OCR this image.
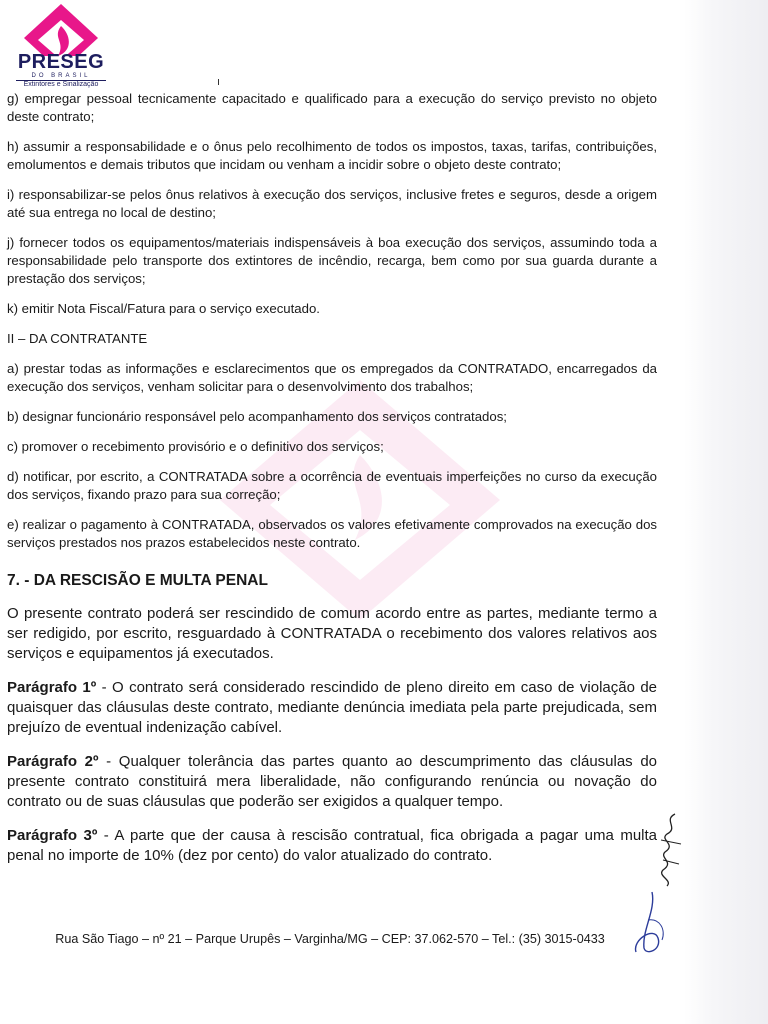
PRESEG
DO BRASIL
Extintores e Sinalização

g) empregar pessoal tecnicamente capacitado e qualificado para a execução do serviço previsto no objeto deste contrato;

h) assumir a responsabilidade e o ônus pelo recolhimento de todos os impostos, taxas, tarifas, contribuições, emolumentos e demais tributos que incidam ou venham a incidir sobre o objeto deste contrato;

i) responsabilizar-se pelos ônus relativos à execução dos serviços, inclusive fretes e seguros, desde a origem até sua entrega no local de destino;

j) fornecer todos os equipamentos/materiais indispensáveis à boa execução dos serviços, assumindo toda a responsabilidade pelo transporte dos extintores de incêndio, recarga, bem como por sua guarda durante a prestação dos serviços;

k) emitir Nota Fiscal/Fatura para o serviço executado.

II – DA CONTRATANTE

a) prestar todas as informações e esclarecimentos que os empregados da CONTRATADO, encarregados da execução dos serviços, venham solicitar para o desenvolvimento dos trabalhos;

b) designar funcionário responsável pelo acompanhamento dos serviços contratados;

c) promover o recebimento provisório e o definitivo dos serviços;

d) notificar, por escrito, a CONTRATADA sobre a ocorrência de eventuais imperfeições no curso da execução dos serviços, fixando prazo para sua correção;

e) realizar o pagamento à CONTRATADA, observados os valores efetivamente comprovados na execução dos serviços prestados nos prazos estabelecidos neste contrato.

7. - DA RESCISÃO E MULTA PENAL

O presente contrato poderá ser rescindido de comum acordo entre as partes, mediante termo a ser redigido, por escrito, resguardado à CONTRATADA o recebimento dos valores relativos aos serviços e equipamentos já executados.

Parágrafo 1º - O contrato será considerado rescindido de pleno direito em caso de violação de quaisquer das cláusulas deste contrato, mediante denúncia imediata pela parte prejudicada, sem prejuízo de eventual indenização cabível.

Parágrafo 2º - Qualquer tolerância das partes quanto ao descumprimento das cláusulas do presente contrato constituirá mera liberalidade, não configurando renúncia ou novação do contrato ou de suas cláusulas que poderão ser exigidos a qualquer tempo.

Parágrafo 3º - A parte que der causa à rescisão contratual, fica obrigada a pagar uma multa penal no importe de 10% (dez por cento) do valor atualizado do contrato.

Rua São Tiago – nº 21 – Parque Urupês – Varginha/MG – CEP: 37.062-570 – Tel.: (35) 3015-0433
